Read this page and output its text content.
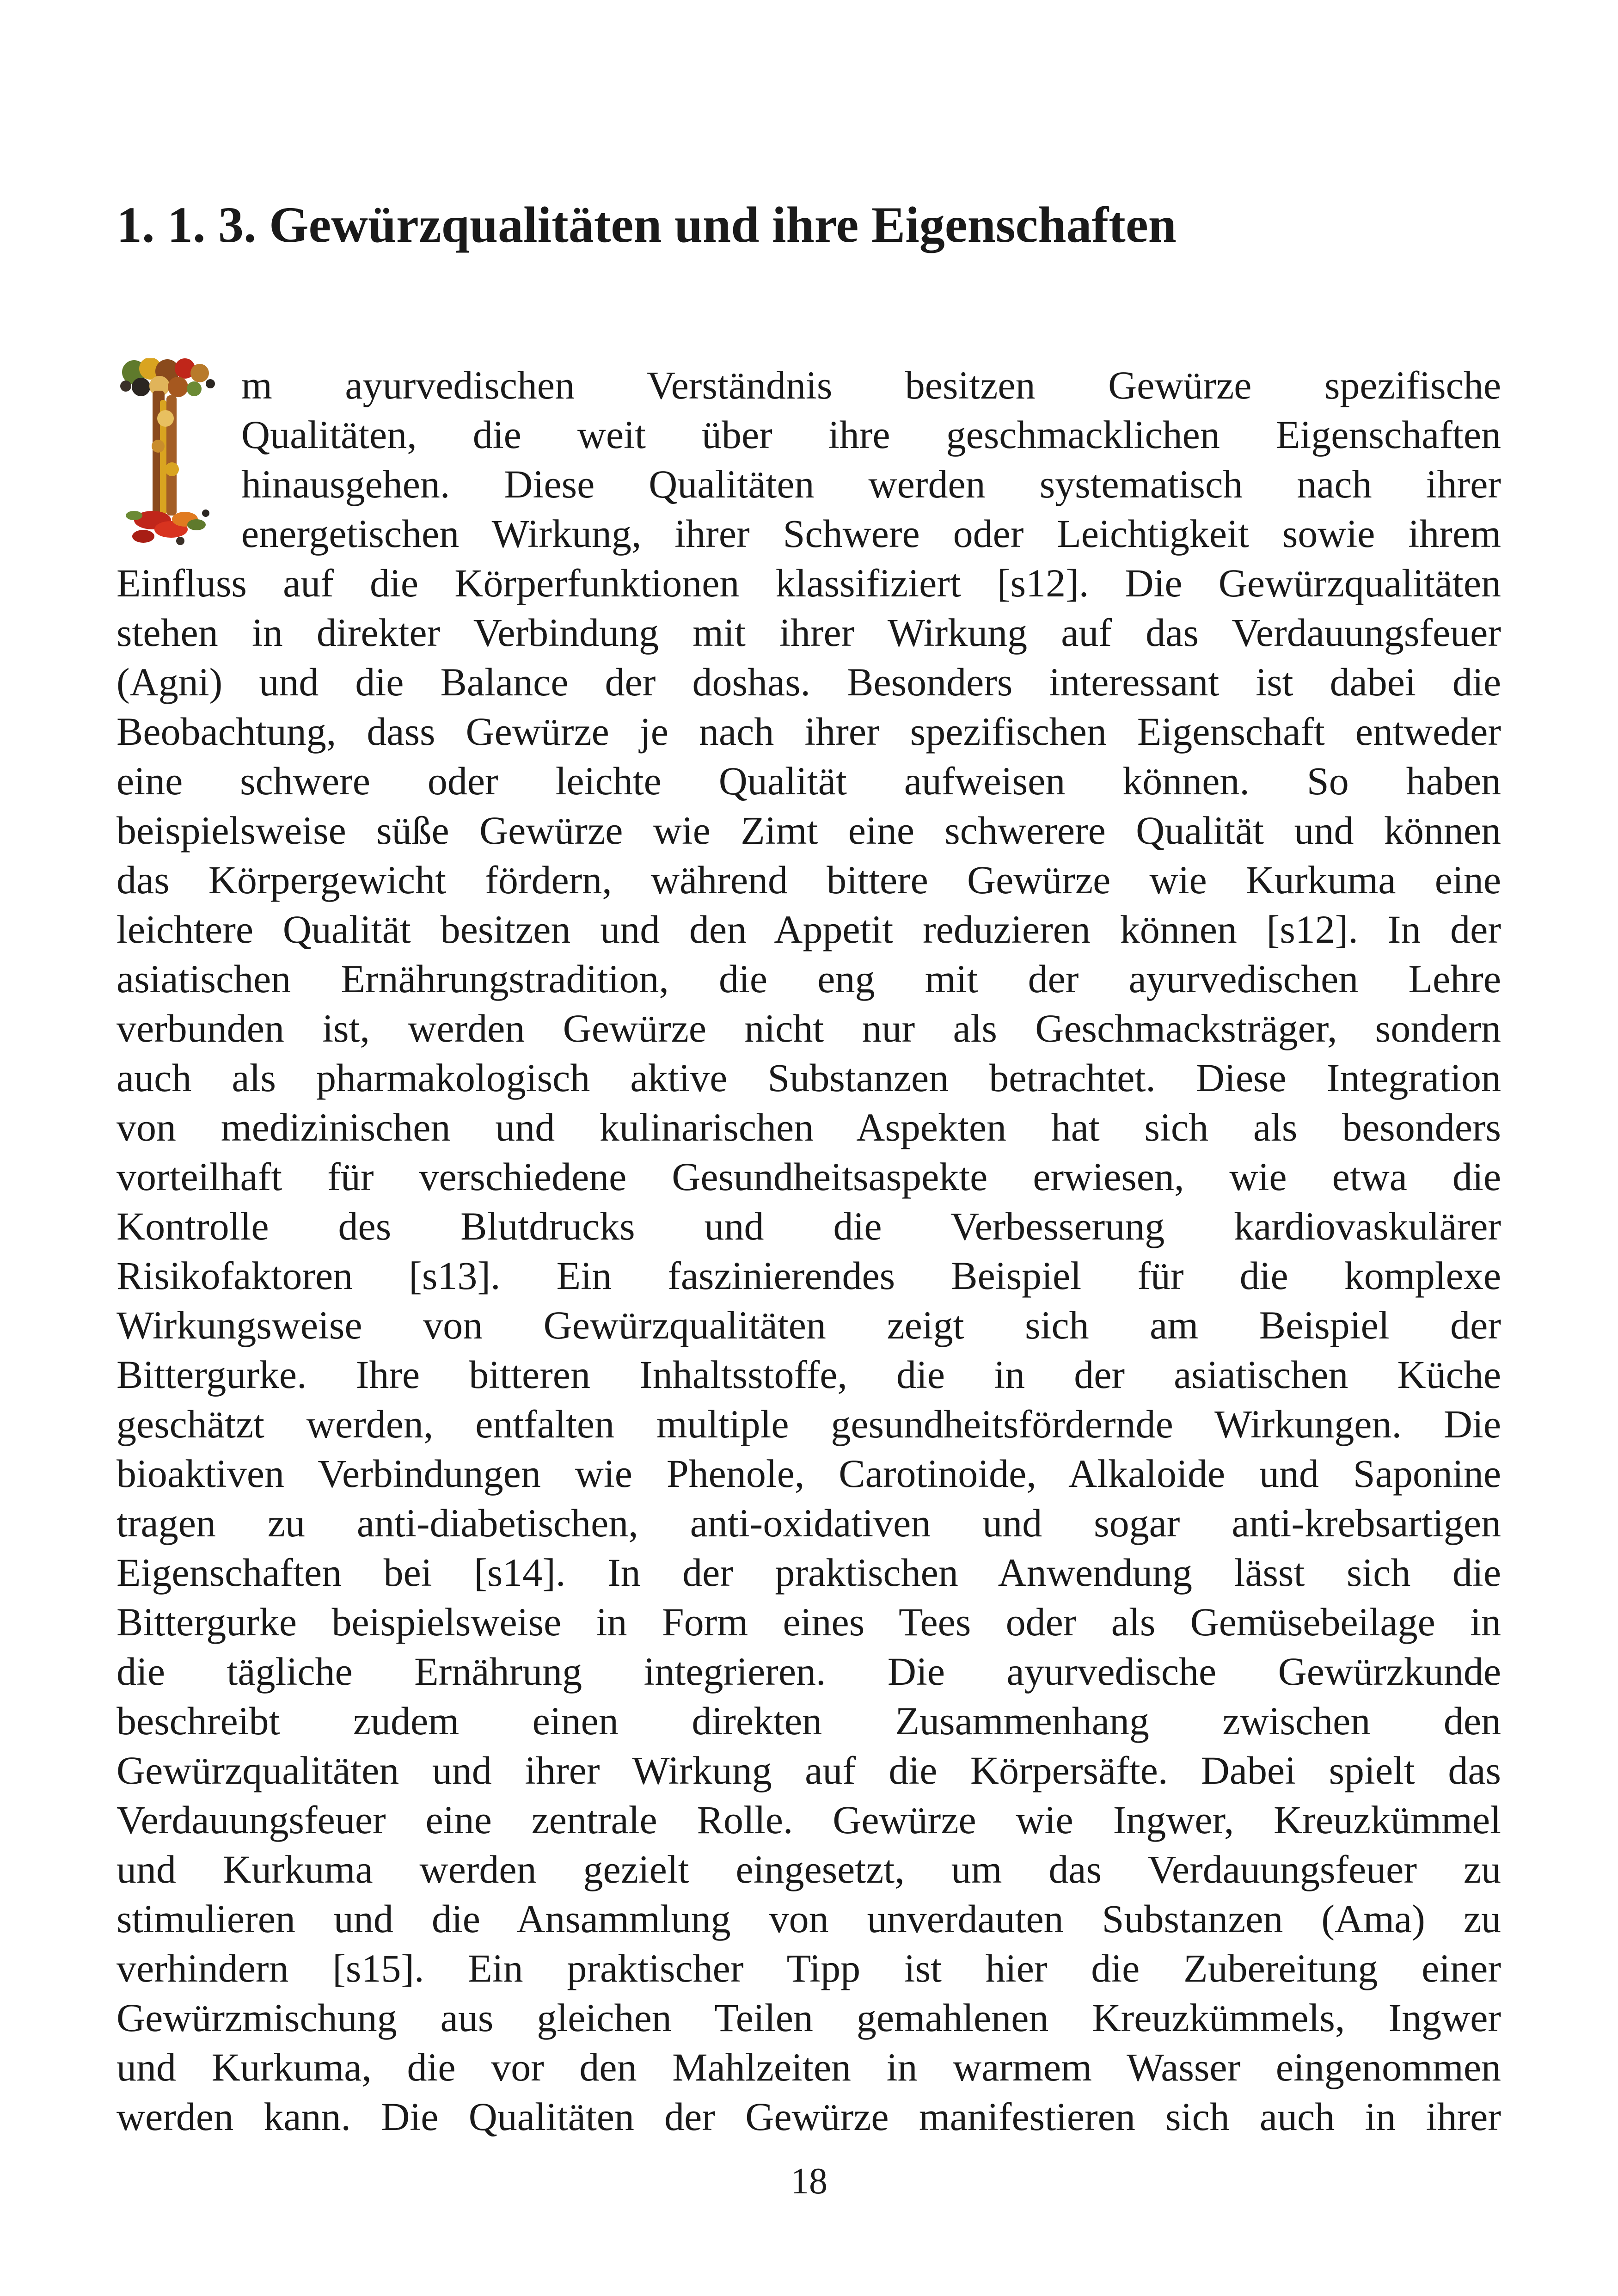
1. 1. 3. Gewürzqualitäten und ihre Eigenschaften
m ayurvedischen Verständnis besitzen Gewürze spezifische
Qualitäten, die weit über ihre geschmacklichen Eigenschaften
hinausgehen. Diese Qualitäten werden systematisch nach ihrer
energetischen Wirkung, ihrer Schwere oder Leichtigkeit sowie ihrem
Einfluss auf die Körperfunktionen klassifiziert [s12]. Die Gewürzqualitäten
stehen in direkter Verbindung mit ihrer Wirkung auf das Verdauungsfeuer
(Agni) und die Balance der doshas. Besonders interessant ist dabei die
Beobachtung, dass Gewürze je nach ihrer spezifischen Eigenschaft entweder
eine schwere oder leichte Qualität aufweisen können. So haben
beispielsweise süße Gewürze wie Zimt eine schwerere Qualität und können
das Körpergewicht fördern, während bittere Gewürze wie Kurkuma eine
leichtere Qualität besitzen und den Appetit reduzieren können [s12]. In der
asiatischen Ernährungstradition, die eng mit der ayurvedischen Lehre
verbunden ist, werden Gewürze nicht nur als Geschmacksträger, sondern
auch als pharmakologisch aktive Substanzen betrachtet. Diese Integration
von medizinischen und kulinarischen Aspekten hat sich als besonders
vorteilhaft für verschiedene Gesundheitsaspekte erwiesen, wie etwa die
Kontrolle des Blutdrucks und die Verbesserung kardiovaskulärer
Risikofaktoren [s13]. Ein faszinierendes Beispiel für die komplexe
Wirkungsweise von Gewürzqualitäten zeigt sich am Beispiel der
Bittergurke. Ihre bitteren Inhaltsstoffe, die in der asiatischen Küche
geschätzt werden, entfalten multiple gesundheitsfördernde Wirkungen. Die
bioaktiven Verbindungen wie Phenole, Carotinoide, Alkaloide und Saponine
tragen zu anti-diabetischen, anti-oxidativen und sogar anti-krebsartigen
Eigenschaften bei [s14]. In der praktischen Anwendung lässt sich die
Bittergurke beispielsweise in Form eines Tees oder als Gemüsebeilage in
die tägliche Ernährung integrieren. Die ayurvedische Gewürzkunde
beschreibt zudem einen direkten Zusammenhang zwischen den
Gewürzqualitäten und ihrer Wirkung auf die Körpersäfte. Dabei spielt das
Verdauungsfeuer eine zentrale Rolle. Gewürze wie Ingwer, Kreuzkümmel
und Kurkuma werden gezielt eingesetzt, um das Verdauungsfeuer zu
stimulieren und die Ansammlung von unverdauten Substanzen (Ama) zu
verhindern [s15]. Ein praktischer Tipp ist hier die Zubereitung einer
Gewürzmischung aus gleichen Teilen gemahlenen Kreuzkümmels, Ingwer
und Kurkuma, die vor den Mahlzeiten in warmem Wasser eingenommen
werden kann. Die Qualitäten der Gewürze manifestieren sich auch in ihrer
18
